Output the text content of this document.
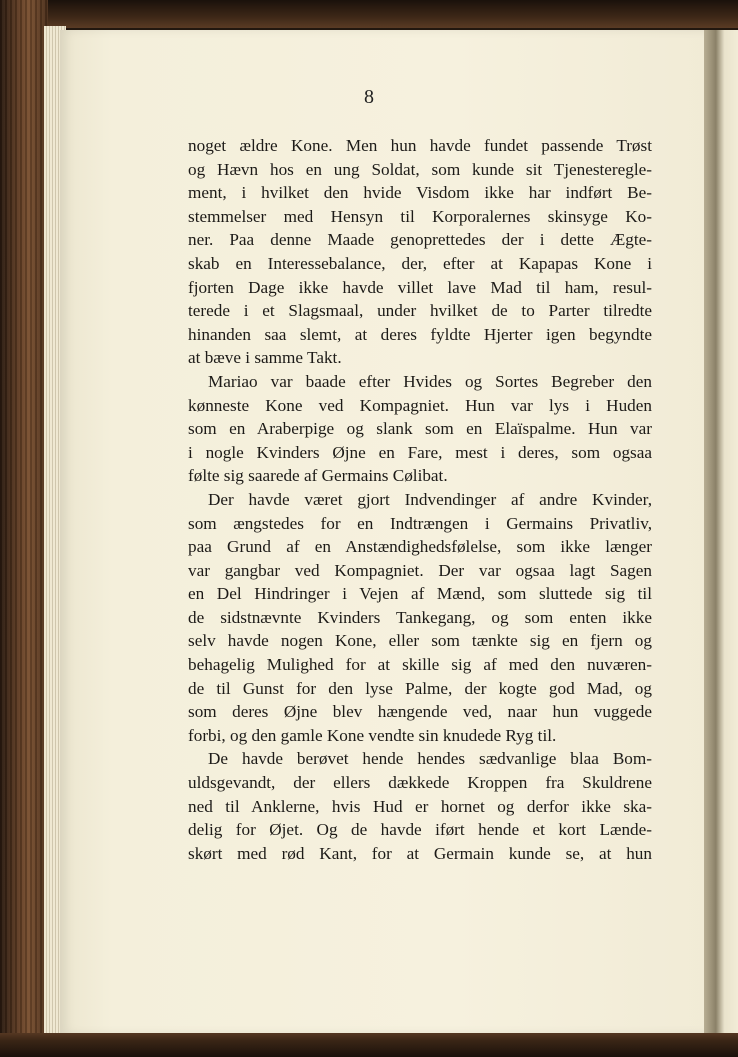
8
noget ældre Kone. Men hun havde fundet passende Trøst
og Hævn hos en ung Soldat, som kunde sit Tjenesteregle-
ment, i hvilket den hvide Visdom ikke har indført Be-
stemmelser med Hensyn til Korporalernes skinsyge Ko-
ner. Paa denne Maade genoprettedes der i dette Ægte-
skab en Interessebalance, der, efter at Kapapas Kone i
fjorten Dage ikke havde villet lave Mad til ham, resul-
terede i et Slagsmaal, under hvilket de to Parter tilredte
hinanden saa slemt, at deres fyldte Hjerter igen begyndte
at bæve i samme Takt.
Mariao var baade efter Hvides og Sortes Begreber den
kønneste Kone ved Kompagniet. Hun var lys i Huden
som en Araberpige og slank som en Elaïspalme. Hun var
i nogle Kvinders Øjne en Fare, mest i deres, som ogsaa
følte sig saarede af Germains Cølibat.
Der havde været gjort Indvendinger af andre Kvinder,
som ængstedes for en Indtrængen i Germains Privatliv,
paa Grund af en Anstændighedsfølelse, som ikke længer
var gangbar ved Kompagniet. Der var ogsaa lagt Sagen
en Del Hindringer i Vejen af Mænd, som sluttede sig til
de sidstnævnte Kvinders Tankegang, og som enten ikke
selv havde nogen Kone, eller som tænkte sig en fjern og
behagelig Mulighed for at skille sig af med den nuværen-
de til Gunst for den lyse Palme, der kogte god Mad, og
som deres Øjne blev hængende ved, naar hun vuggede
forbi, og den gamle Kone vendte sin knudede Ryg til.
De havde berøvet hende hendes sædvanlige blaa Bom-
uldsgevandt, der ellers dækkede Kroppen fra Skuldrene
ned til Anklerne, hvis Hud er hornet og derfor ikke ska-
delig for Øjet. Og de havde iført hende et kort Lænde-
skørt med rød Kant, for at Germain kunde se, at hun
